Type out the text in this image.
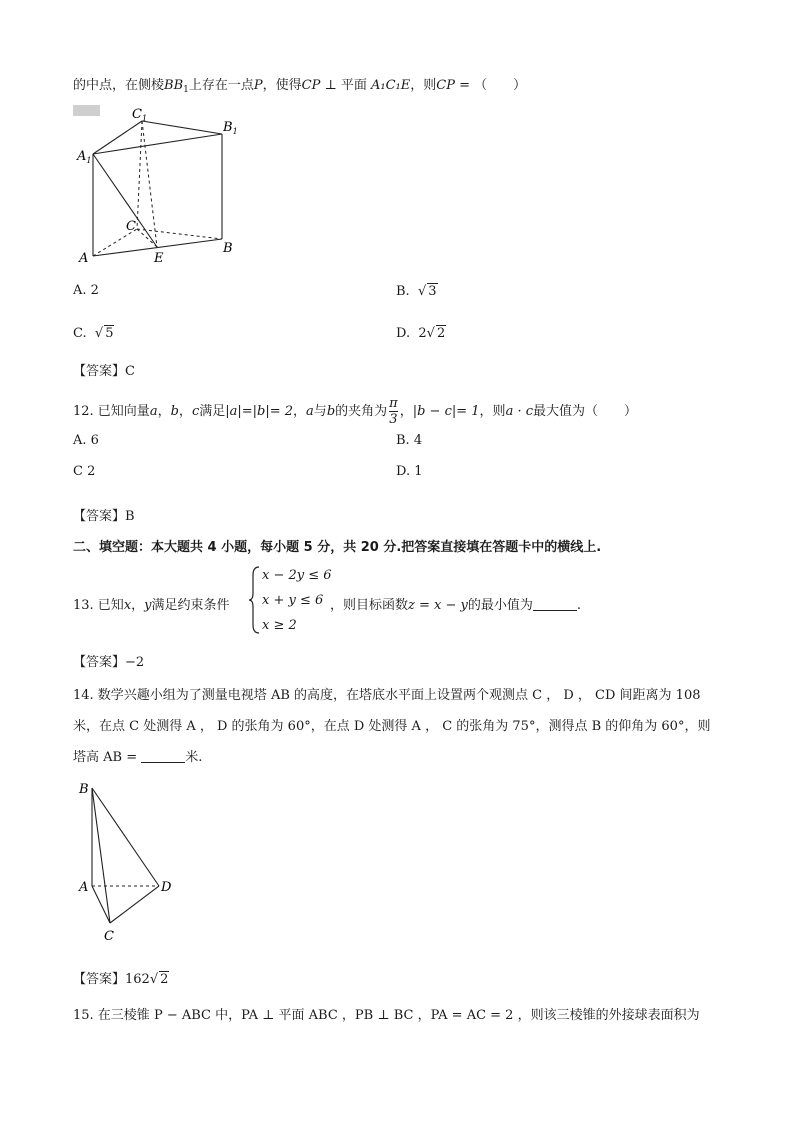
的中点，在侧棱$BB_1$上存在一点P，使得CP ⊥ 平面 A₁C₁E，则CP = （　　）
$C_1$
$B_1$
$A_1$
C
B
A	E
A. 2	B.  √ 3
C.  √ 5	D. 2√ 2
【答案】C
12. 已知向量a，b，c满足|a|=|b|= 2，a与b的夹角为 $\frac{\pi}{3}$ ，|b − c|= 1，则a · c最大值为（　　）
A. 6	B. 4
C 2	D. 1
【答案】B
二、填空题：本大题共 4 小题，每小题 5 分，共 20 分.把答案直接填在答题卡中的横线上.
13. 已知x，y满足约束条件
x − 2y ≤ 6
x + y ≤ 6
x ≥ 2
，则目标函数z = x − y的最小值为	.
【答案】−2
14. 数学兴趣小组为了测量电视塔 AB 的高度，在塔底水平面上设置两个观测点 C ， D ， CD 间距离为 108
米，在点 C 处测得 A ， D 的张角为 60°，在点 D 处测得 A ， C 的张角为 75°，测得点 B 的仰角为 60°，则
塔高 AB =	米.
B
A	D
C
【答案】162√ 2
15. 在三棱锥 P − ABC 中，PA ⊥ 平面 ABC ，PB ⊥ BC ，PA = AC = 2 ，则该三棱锥的外接球表面积为
